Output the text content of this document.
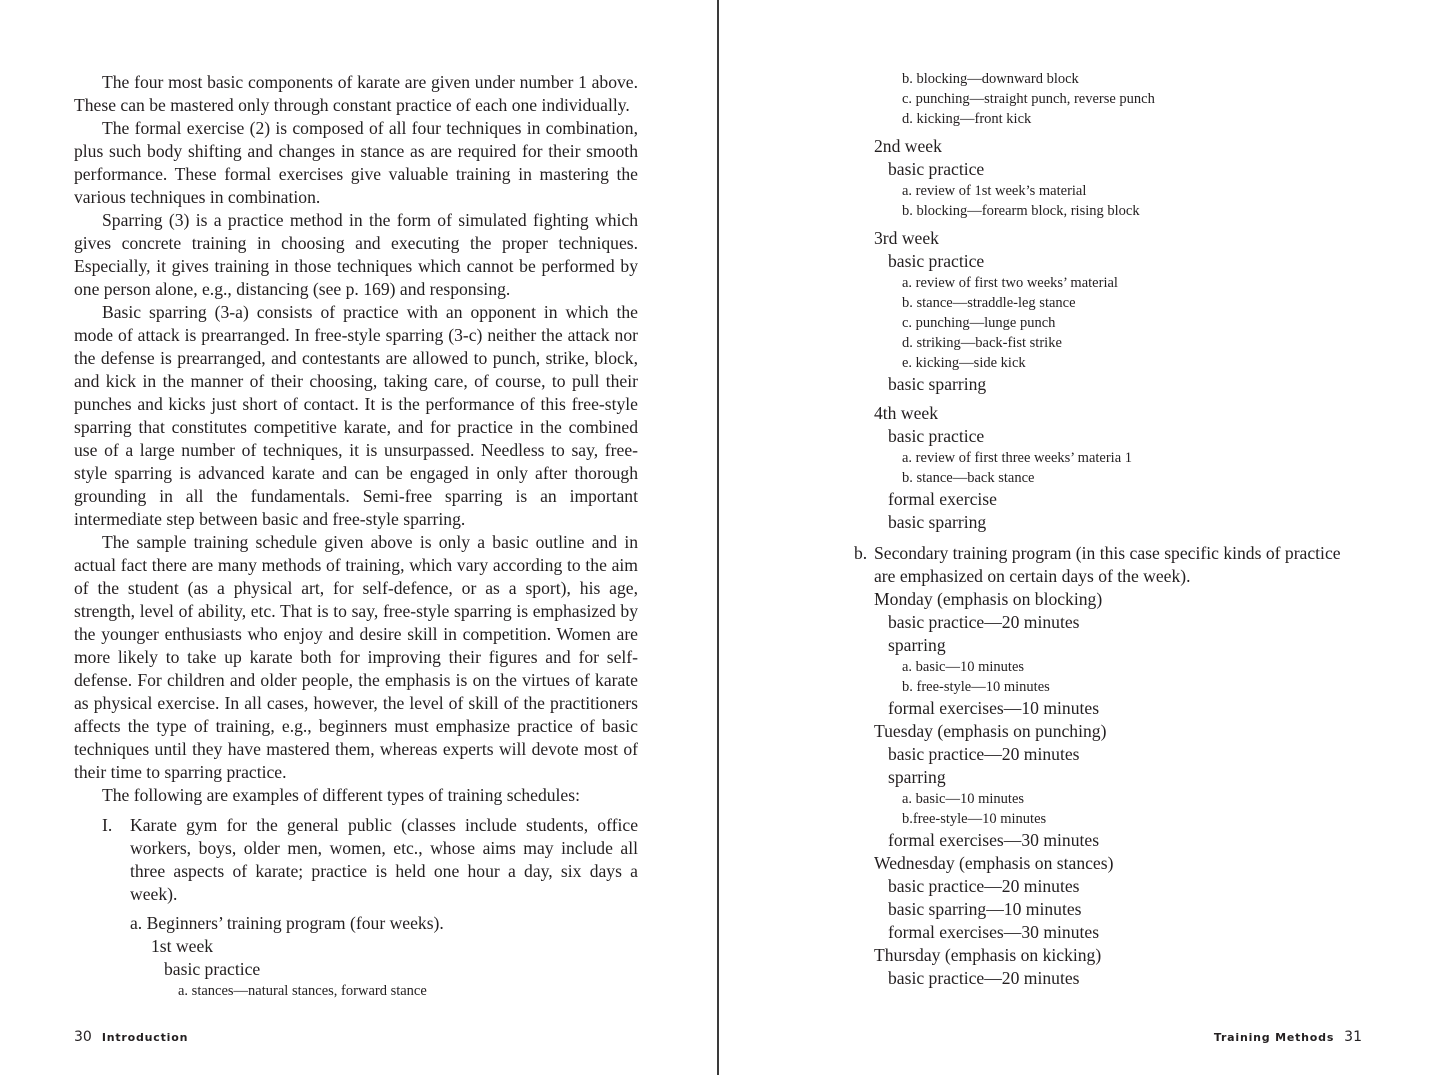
The four most basic components of karate are given under number 1 above. These can be mastered only through constant practice of each one individually.

The formal exercise (2) is composed of all four techniques in combination, plus such body shifting and changes in stance as are required for their smooth performance. These formal exercises give valuable training in mastering the various techniques in combination.

Sparring (3) is a practice method in the form of simulated fighting which gives concrete training in choosing and executing the proper techniques. Especially, it gives training in those techniques which cannot be performed by one person alone, e.g., distancing (see p. 169) and responsing.

Basic sparring (3-a) consists of practice with an opponent in which the mode of attack is prearranged. In free-style sparring (3-c) neither the attack nor the defense is prearranged, and contestants are allowed to punch, strike, block, and kick in the manner of their choosing, taking care, of course, to pull their punches and kicks just short of contact. It is the performance of this free-style sparring that constitutes competitive karate, and for practice in the combined use of a large number of techniques, it is unsurpassed. Needless to say, free-style sparring is advanced karate and can be engaged in only after thorough grounding in all the fundamentals. Semi-free sparring is an important intermediate step between basic and free-style sparring.

The sample training schedule given above is only a basic outline and in actual fact there are many methods of training, which vary according to the aim of the student (as a physical art, for self-defence, or as a sport), his age, strength, level of ability, etc. That is to say, free-style sparring is emphasized by the younger enthusiasts who enjoy and desire skill in competition. Women are more likely to take up karate both for improving their figures and for self-defense. For children and older people, the emphasis is on the virtues of karate as physical exercise. In all cases, however, the level of skill of the practitioners affects the type of training, e.g., beginners must emphasize practice of basic techniques until they have mastered them, whereas experts will devote most of their time to sparring practice.

The following are examples of different types of training schedules:

I. Karate gym for the general public (classes include students, office workers, boys, older men, women, etc., whose aims may include all three aspects of karate; practice is held one hour a day, six days a week).
a. Beginners’ training program (four weeks).
1st week
basic practice
a. stances—natural stances, forward stance
30 Introduction
b. blocking—downward block
c. punching—straight punch, reverse punch
d. kicking—front kick
2nd week
basic practice
a. review of 1st week’s material
b. blocking—forearm block, rising block
3rd week
basic practice
a. review of first two weeks’ material
b. stance—straddle-leg stance
c. punching—lunge punch
d. striking—back-fist strike
e. kicking—side kick
basic sparring
4th week
basic practice
a. review of first three weeks’ materia 1
b. stance—back stance
formal exercise
basic sparring
b. Secondary training program (in this case specific kinds of practice are emphasized on certain days of the week).
Monday (emphasis on blocking)
basic practice—20 minutes
sparring
a. basic—10 minutes
b. free-style—10 minutes
formal exercises—10 minutes
Tuesday (emphasis on punching)
basic practice—20 minutes
sparring
a. basic—10 minutes
b.free-style—10 minutes
formal exercises—30 minutes
Wednesday (emphasis on stances)
basic practice—20 minutes
basic sparring—10 minutes
formal exercises—30 minutes
Thursday (emphasis on kicking)
basic practice—20 minutes
Training Methods 31
